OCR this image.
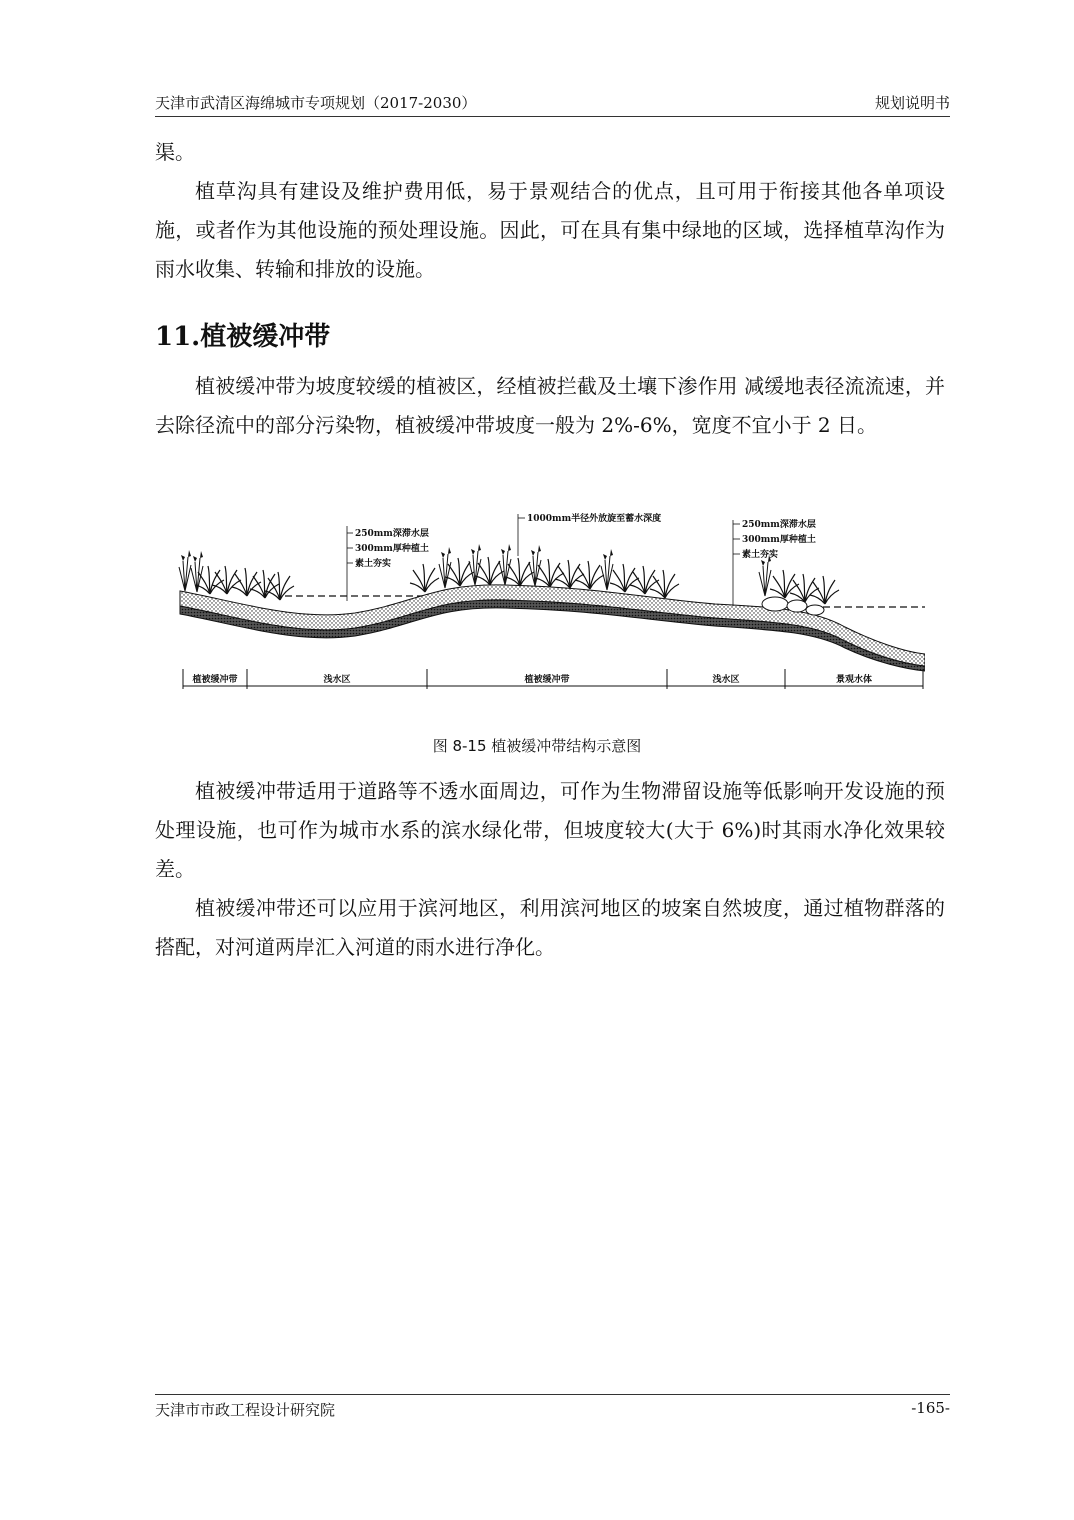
天津市武清区海绵城市专项规划（2017-2030）	规划说明书

渠。

植草沟具有建设及维护费用低，易于景观结合的优点，且可用于衔接其他各单项设施，或者作为其他设施的预处理设施。因此，可在具有集中绿地的区域，选择植草沟作为雨水收集、转输和排放的设施。

11.植被缓冲带

植被缓冲带为坡度较缓的植被区，经植被拦截及土壤下渗作用 减缓地表径流流速，并去除径流中的部分污染物，植被缓冲带坡度一般为 2%-6%，宽度不宜小于 2 日。

250mm深滞水层
300mm厚种植土
素土夯实
1000mm半径外放旋至蓄水深度
250mm深滞水层
300mm厚种植土
素土夯实
植被缓冲带	浅水区	植被缓冲带	浅水区	景观水体
图 8-15 植被缓冲带结构示意图

植被缓冲带适用于道路等不透水面周边，可作为生物滞留设施等低影响开发设施的预处理设施，也可作为城市水系的滨水绿化带，但坡度较大(大于 6%)时其雨水净化效果较差。

植被缓冲带还可以应用于滨河地区，利用滨河地区的坡案自然坡度，通过植物群落的搭配，对河道两岸汇入河道的雨水进行净化。

天津市市政工程设计研究院	-165-
